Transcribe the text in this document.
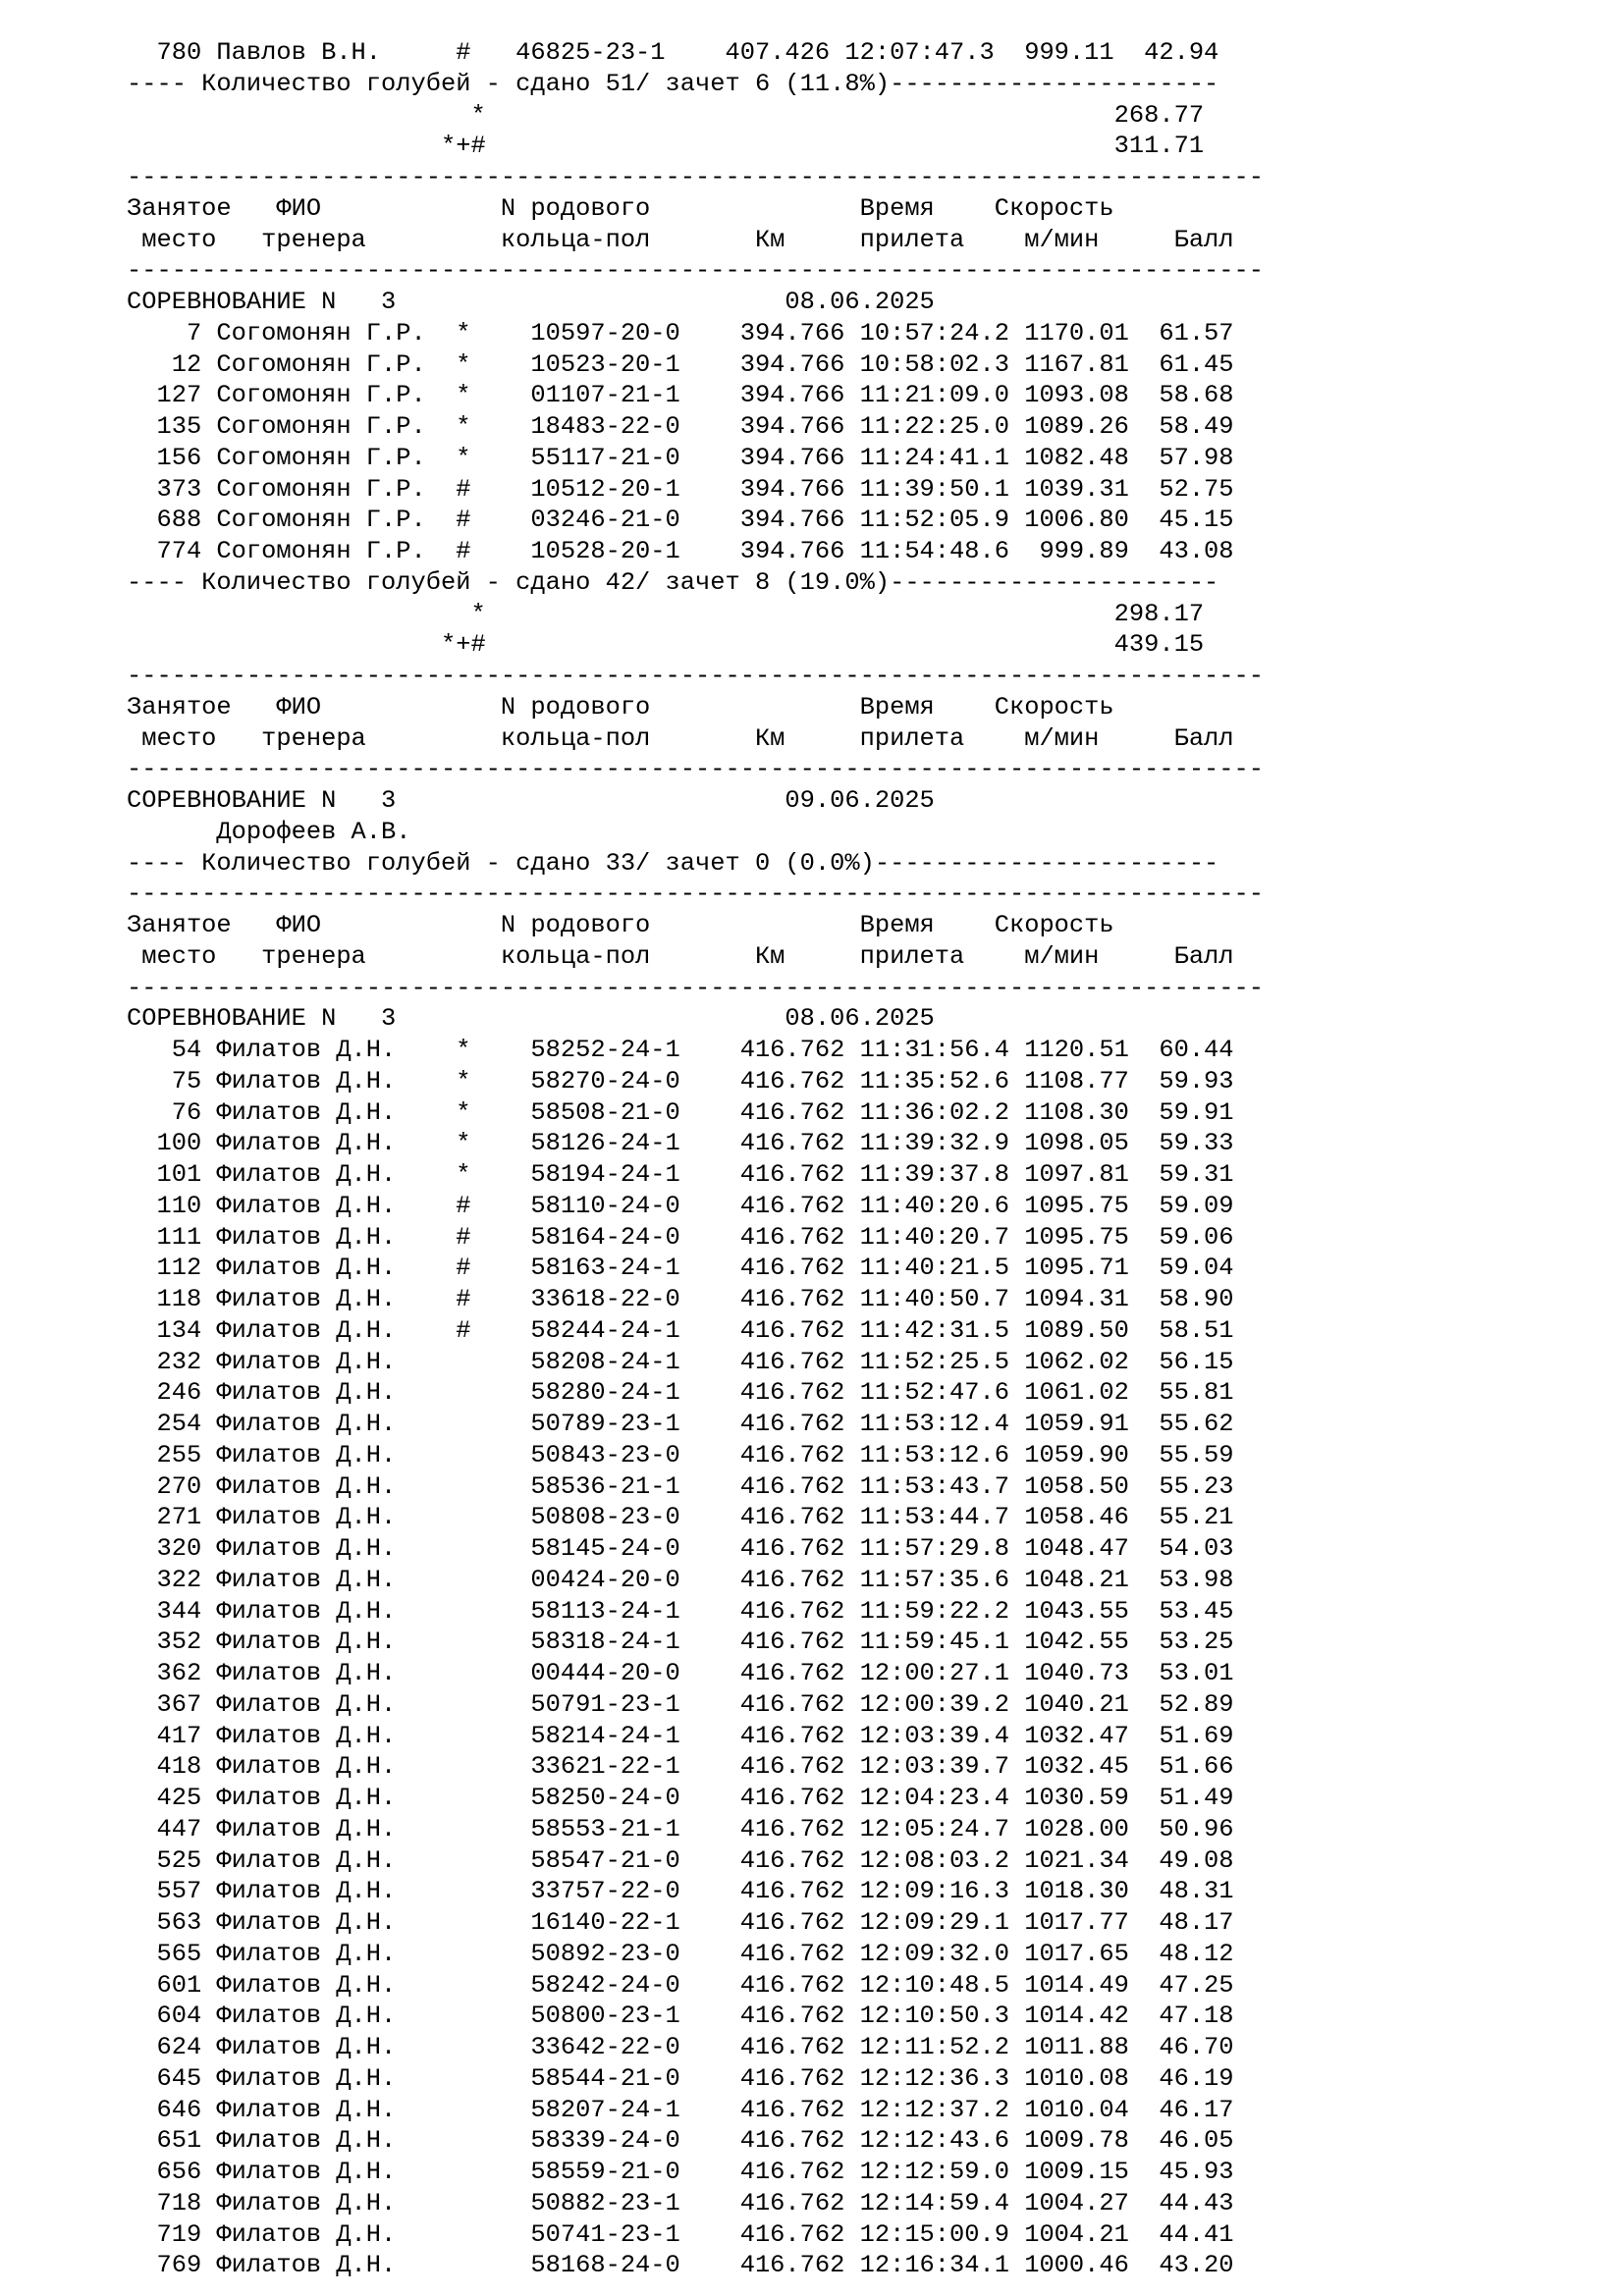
780 Павлов В.Н.     #   46825-23-1    407.426 12:07:47.3  999.11  42.94
---- Количество голубей - сдано 51/ зачет 6 (11.8%)----------------------
*                                          268.77
*+#                                          311.71
----------------------------------------------------------------------------
Занятое   ФИО            N родового              Время    Скорость
место   тренера         кольца-пол       Км     прилета    м/мин     Балл
----------------------------------------------------------------------------
СОРЕВНОВАНИЕ N   3                          08.06.2025
7 Согомонян Г.Р.  *    10597-20-0    394.766 10:57:24.2 1170.01  61.57
12 Согомонян Г.Р.  *    10523-20-1    394.766 10:58:02.3 1167.81  61.45
127 Согомонян Г.Р.  *    01107-21-1    394.766 11:21:09.0 1093.08  58.68
135 Согомонян Г.Р.  *    18483-22-0    394.766 11:22:25.0 1089.26  58.49
156 Согомонян Г.Р.  *    55117-21-0    394.766 11:24:41.1 1082.48  57.98
373 Согомонян Г.Р.  #    10512-20-1    394.766 11:39:50.1 1039.31  52.75
688 Согомонян Г.Р.  #    03246-21-0    394.766 11:52:05.9 1006.80  45.15
774 Согомонян Г.Р.  #    10528-20-1    394.766 11:54:48.6  999.89  43.08
---- Количество голубей - сдано 42/ зачет 8 (19.0%)----------------------
*                                          298.17
*+#                                          439.15
----------------------------------------------------------------------------
Занятое   ФИО            N родового              Время    Скорость
место   тренера         кольца-пол       Км     прилета    м/мин     Балл
----------------------------------------------------------------------------
СОРЕВНОВАНИЕ N   3                          09.06.2025
Дорофеев А.В.
---- Количество голубей - сдано 33/ зачет 0 (0.0%)-----------------------
----------------------------------------------------------------------------
Занятое   ФИО            N родового              Время    Скорость
место   тренера         кольца-пол       Км     прилета    м/мин     Балл
----------------------------------------------------------------------------
СОРЕВНОВАНИЕ N   3                          08.06.2025
54 Филатов Д.Н.    *    58252-24-1    416.762 11:31:56.4 1120.51  60.44
75 Филатов Д.Н.    *    58270-24-0    416.762 11:35:52.6 1108.77  59.93
76 Филатов Д.Н.    *    58508-21-0    416.762 11:36:02.2 1108.30  59.91
100 Филатов Д.Н.    *    58126-24-1    416.762 11:39:32.9 1098.05  59.33
101 Филатов Д.Н.    *    58194-24-1    416.762 11:39:37.8 1097.81  59.31
110 Филатов Д.Н.    #    58110-24-0    416.762 11:40:20.6 1095.75  59.09
111 Филатов Д.Н.    #    58164-24-0    416.762 11:40:20.7 1095.75  59.06
112 Филатов Д.Н.    #    58163-24-1    416.762 11:40:21.5 1095.71  59.04
118 Филатов Д.Н.    #    33618-22-0    416.762 11:40:50.7 1094.31  58.90
134 Филатов Д.Н.    #    58244-24-1    416.762 11:42:31.5 1089.50  58.51
232 Филатов Д.Н.         58208-24-1    416.762 11:52:25.5 1062.02  56.15
246 Филатов Д.Н.         58280-24-1    416.762 11:52:47.6 1061.02  55.81
254 Филатов Д.Н.         50789-23-1    416.762 11:53:12.4 1059.91  55.62
255 Филатов Д.Н.         50843-23-0    416.762 11:53:12.6 1059.90  55.59
270 Филатов Д.Н.         58536-21-1    416.762 11:53:43.7 1058.50  55.23
271 Филатов Д.Н.         50808-23-0    416.762 11:53:44.7 1058.46  55.21
320 Филатов Д.Н.         58145-24-0    416.762 11:57:29.8 1048.47  54.03
322 Филатов Д.Н.         00424-20-0    416.762 11:57:35.6 1048.21  53.98
344 Филатов Д.Н.         58113-24-1    416.762 11:59:22.2 1043.55  53.45
352 Филатов Д.Н.         58318-24-1    416.762 11:59:45.1 1042.55  53.25
362 Филатов Д.Н.         00444-20-0    416.762 12:00:27.1 1040.73  53.01
367 Филатов Д.Н.         50791-23-1    416.762 12:00:39.2 1040.21  52.89
417 Филатов Д.Н.         58214-24-1    416.762 12:03:39.4 1032.47  51.69
418 Филатов Д.Н.         33621-22-1    416.762 12:03:39.7 1032.45  51.66
425 Филатов Д.Н.         58250-24-0    416.762 12:04:23.4 1030.59  51.49
447 Филатов Д.Н.         58553-21-1    416.762 12:05:24.7 1028.00  50.96
525 Филатов Д.Н.         58547-21-0    416.762 12:08:03.2 1021.34  49.08
557 Филатов Д.Н.         33757-22-0    416.762 12:09:16.3 1018.30  48.31
563 Филатов Д.Н.         16140-22-1    416.762 12:09:29.1 1017.77  48.17
565 Филатов Д.Н.         50892-23-0    416.762 12:09:32.0 1017.65  48.12
601 Филатов Д.Н.         58242-24-0    416.762 12:10:48.5 1014.49  47.25
604 Филатов Д.Н.         50800-23-1    416.762 12:10:50.3 1014.42  47.18
624 Филатов Д.Н.         33642-22-0    416.762 12:11:52.2 1011.88  46.70
645 Филатов Д.Н.         58544-21-0    416.762 12:12:36.3 1010.08  46.19
646 Филатов Д.Н.         58207-24-1    416.762 12:12:37.2 1010.04  46.17
651 Филатов Д.Н.         58339-24-0    416.762 12:12:43.6 1009.78  46.05
656 Филатов Д.Н.         58559-21-0    416.762 12:12:59.0 1009.15  45.93
718 Филатов Д.Н.         50882-23-1    416.762 12:14:59.4 1004.27  44.43
719 Филатов Д.Н.         50741-23-1    416.762 12:15:00.9 1004.21  44.41
769 Филатов Д.Н.         58168-24-0    416.762 12:16:34.1 1000.46  43.20
